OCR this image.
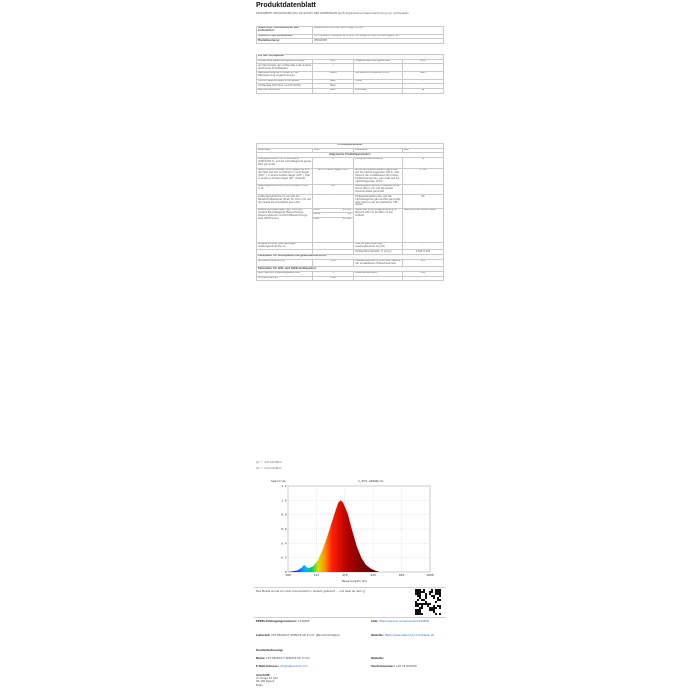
Produktdatenblatt
DELEGIERTE VERORDNUNG (EU) 2019/2015 DER KOMMISSION bei Energieverbrauchskennzeichnung von Lichtquellen
Name oder Handelsmarke des Lieferanten:	Shenzhenshi Minmait Technology Co.,Ltd
Anschrift des Lieferanten:	CET PRODUCT SERVICE SP. Z O.O., Ul. Dluga 33 102, 95-100 Zgierz, PL
Modellkennung:	WWG500H
Art der Lichtquelle:			
Verwendete Beleuchtungstech-nologie:	LED	Ungebündelt oder gebündelt:	DLS
Art des Sockels der Lichtquelle (oder andere elektrische Schnittstelle)	/		
Netzspannung/Nicht direkt an die Netzspannung angeschlos-sen:	MNLS	Vernetzte Lichtquel-le (CLS):	Nein
Farblich abstimmbare Licht-quelle:	Nein	Hülle:	-
Lichtquelle mit hoher Leucht-dichte:	Nein		
Blendschutzschild:	Nein	Dimmbar:	Ja
Produktparameter			
Parameter	Wert	Parameter	Wert
Allgemeine Produktparameter:			
Energieverbrauch im Ein-Zu-stand (kWh/1000 h), auf die nächstliegende ganze Zahl gerundet	8	Energieeffizienzklas-se	G
Nutzlichtstrom (Φuse) mit An-gabe, ob sich der Wert auf den Lichtstrom in einer Kugel (360° ), in einem breiten Kegel (120° ) oder in einem schmalen Kegel (90° ) bezieht	399 in breiter Kegel (120°)	ähnliche Farbtem-peratur gerundet auf die nächst-liegenden 100 K, oder Spanne der einstellbaren ähn-lichen Farbtempera-turen, gerundet auf die nächstliegenden 100 K	2 700
Leistungsaufnahme im Ein-Zu-stand (Pon) in W	6,0	Leistungsaufnahme im Bereitschafts-stand (Psb) in W, auf die zweite Dezimal-stelle gerundet	-
Leistungsaufnahme im vernetz-ten Bereitschaftsbetrieb (Pnet) für CLS in W, auf die zweite De-zimalstelle gerundet	-	Farbwiedergabein-dex, auf die nächstliegende gan-ze Zahl gerundet, oder Spanne der ein-stellbaren CRI-Werte	80
äußere Ab-messungen, ggf. ohne ge-parates Be-triebsgerät, Beleuchtungs-steuerungstei-le und Nicht-Beleuchtungs-teile (Millime-ter)	Höhe 20 000	Spektrale Strah-lungsverteilung im Bereich 250 nm bis 800 nm bei Volllast	Siehe Bild auf letzter Seite
	Breite 20		
	Tiefe 20 000		
Angabe zu einer gleichwertigen Leistungsaufnahme (a)	-	Falls ja, gleichwerti-ge Leistungsaufnah-me (W)	-
		Farbwertkoordinaten (x und y)	0,506 0,442
Parameter für Lichtquellen mit gebündeltem Licht:			
Spitzenlichtstärke (cd)	186	Halbwertswinkel in Grad oder Spanne der einstellbaren Halbwertswinkel	120
Parameter für LED- und OLED-Lichtquellen:			
Wert des R9-Farbwiedergabein-dex	3	Lebensdauerfaktor	1,00
Lichtstromerhalt	0,96		
(a) "-": nicht zutreffend;
(b) "-": nicht zutreffend.
0
0.2
0.4
0.6
0.8
1.0
1.2
380	513	476	645	830	1000
Spectrum	λ,P=5.249mW/nm
Wavelength(nm)
Das Modell wurde von dem Unionsmarkt in Verkehr gebracht ... und zwar ab dem: JJ
EPREL-Eintragungsnummer: 2139208	Link: https://eprel.ec.europa.eu/qr/2139208
Lieferant: CET PRODUCT SERVICE SP. Z O.O. (Bevollmächtigter)	Website: https://www.cetproduct.com/blank-10
Kundenbetreuung:
Name: CET PRODUCT SERVICE SP. Z O.O.	Website:
E-Mail-Adresse: info@cetproduct.com	Telefonnummer: +48 791019706
Anschrift:
Ul. Dluga 33 102
95-100 Zgierz
Polen
